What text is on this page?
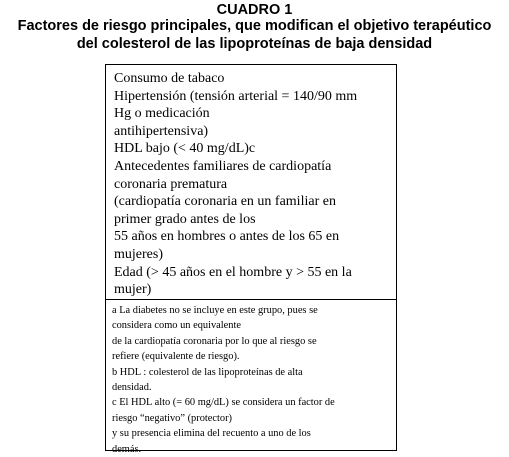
CUADRO 1
Factores de riesgo principales, que modifican el objetivo terapéutico
del colesterol de las lipoproteínas de baja densidad
Consumo de tabaco
Hipertensión (tensión arterial = 140/90 mm
Hg o medicación
antihipertensiva)
HDL bajo (< 40 mg/dL)c
Antecedentes familiares de cardiopatía
coronaria prematura
(cardiopatía coronaria en un familiar en
primer grado antes de los
55 años en hombres o antes de los 65 en
mujeres)
Edad (> 45 años en el hombre y > 55 en la
mujer)
a La diabetes no se incluye en este grupo, pues se
considera como un equivalente
de la cardiopatía coronaria por lo que al riesgo se
refiere (equivalente de riesgo).
b HDL : colesterol de las lipoproteínas de alta
densidad.
c El HDL alto (= 60 mg/dL) se considera un factor de
riesgo “negativo” (protector)
y su presencia elimina del recuento a uno de los
demás.
